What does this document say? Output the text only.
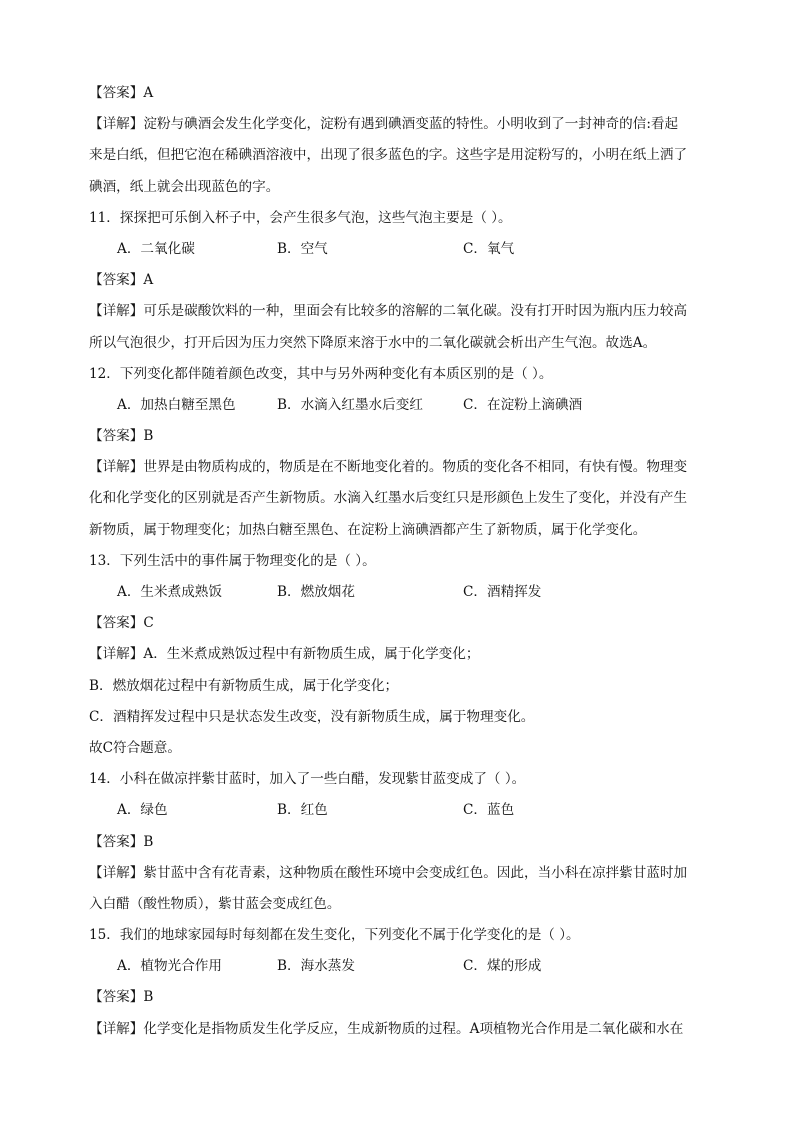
【答案】A
【详解】淀粉与碘酒会发生化学变化，淀粉有遇到碘酒变蓝的特性。小明收到了一封神奇的信:看起
来是白纸，但把它泡在稀碘酒溶液中，出现了很多蓝色的字。这些字是用淀粉写的，小明在纸上洒了
碘酒，纸上就会出现蓝色的字。
11．探探把可乐倒入杯子中，会产生很多气泡，这些气泡主要是（ ）。
A．二氧化碳	B．空气	C．氧气
【答案】A
【详解】可乐是碳酸饮料的一种，里面会有比较多的溶解的二氧化碳。没有打开时因为瓶内压力较高
所以气泡很少，打开后因为压力突然下降原来溶于水中的二氧化碳就会析出产生气泡。故选A。
12．下列变化都伴随着颜色改变，其中与另外两种变化有本质区别的是（ ）。
A．加热白糖至黑色	B．水滴入红墨水后变红	C．在淀粉上滴碘酒
【答案】B
【详解】世界是由物质构成的，物质是在不断地变化着的。物质的变化各不相同，有快有慢。物理变
化和化学变化的区别就是否产生新物质。水滴入红墨水后变红只是形颜色上发生了变化，并没有产生
新物质，属于物理变化；加热白糖至黑色、在淀粉上滴碘酒都产生了新物质，属于化学变化。
13．下列生活中的事件属于物理变化的是（ ）。
A．生米煮成熟饭	B．燃放烟花	C．酒精挥发
【答案】C
【详解】A．生米煮成熟饭过程中有新物质生成，属于化学变化；
B．燃放烟花过程中有新物质生成，属于化学变化；
C．酒精挥发过程中只是状态发生改变，没有新物质生成，属于物理变化。
故C符合题意。
14．小科在做凉拌紫甘蓝时，加入了一些白醋，发现紫甘蓝变成了（ ）。
A．绿色	B．红色	C．蓝色
【答案】B
【详解】紫甘蓝中含有花青素，这种物质在酸性环境中会变成红色。因此，当小科在凉拌紫甘蓝时加
入白醋（酸性物质），紫甘蓝会变成红色。
15．我们的地球家园每时每刻都在发生变化，下列变化不属于化学变化的是（ ）。
A．植物光合作用	B．海水蒸发	C．煤的形成
【答案】B
【详解】化学变化是指物质发生化学反应，生成新物质的过程。A项植物光合作用是二氧化碳和水在
